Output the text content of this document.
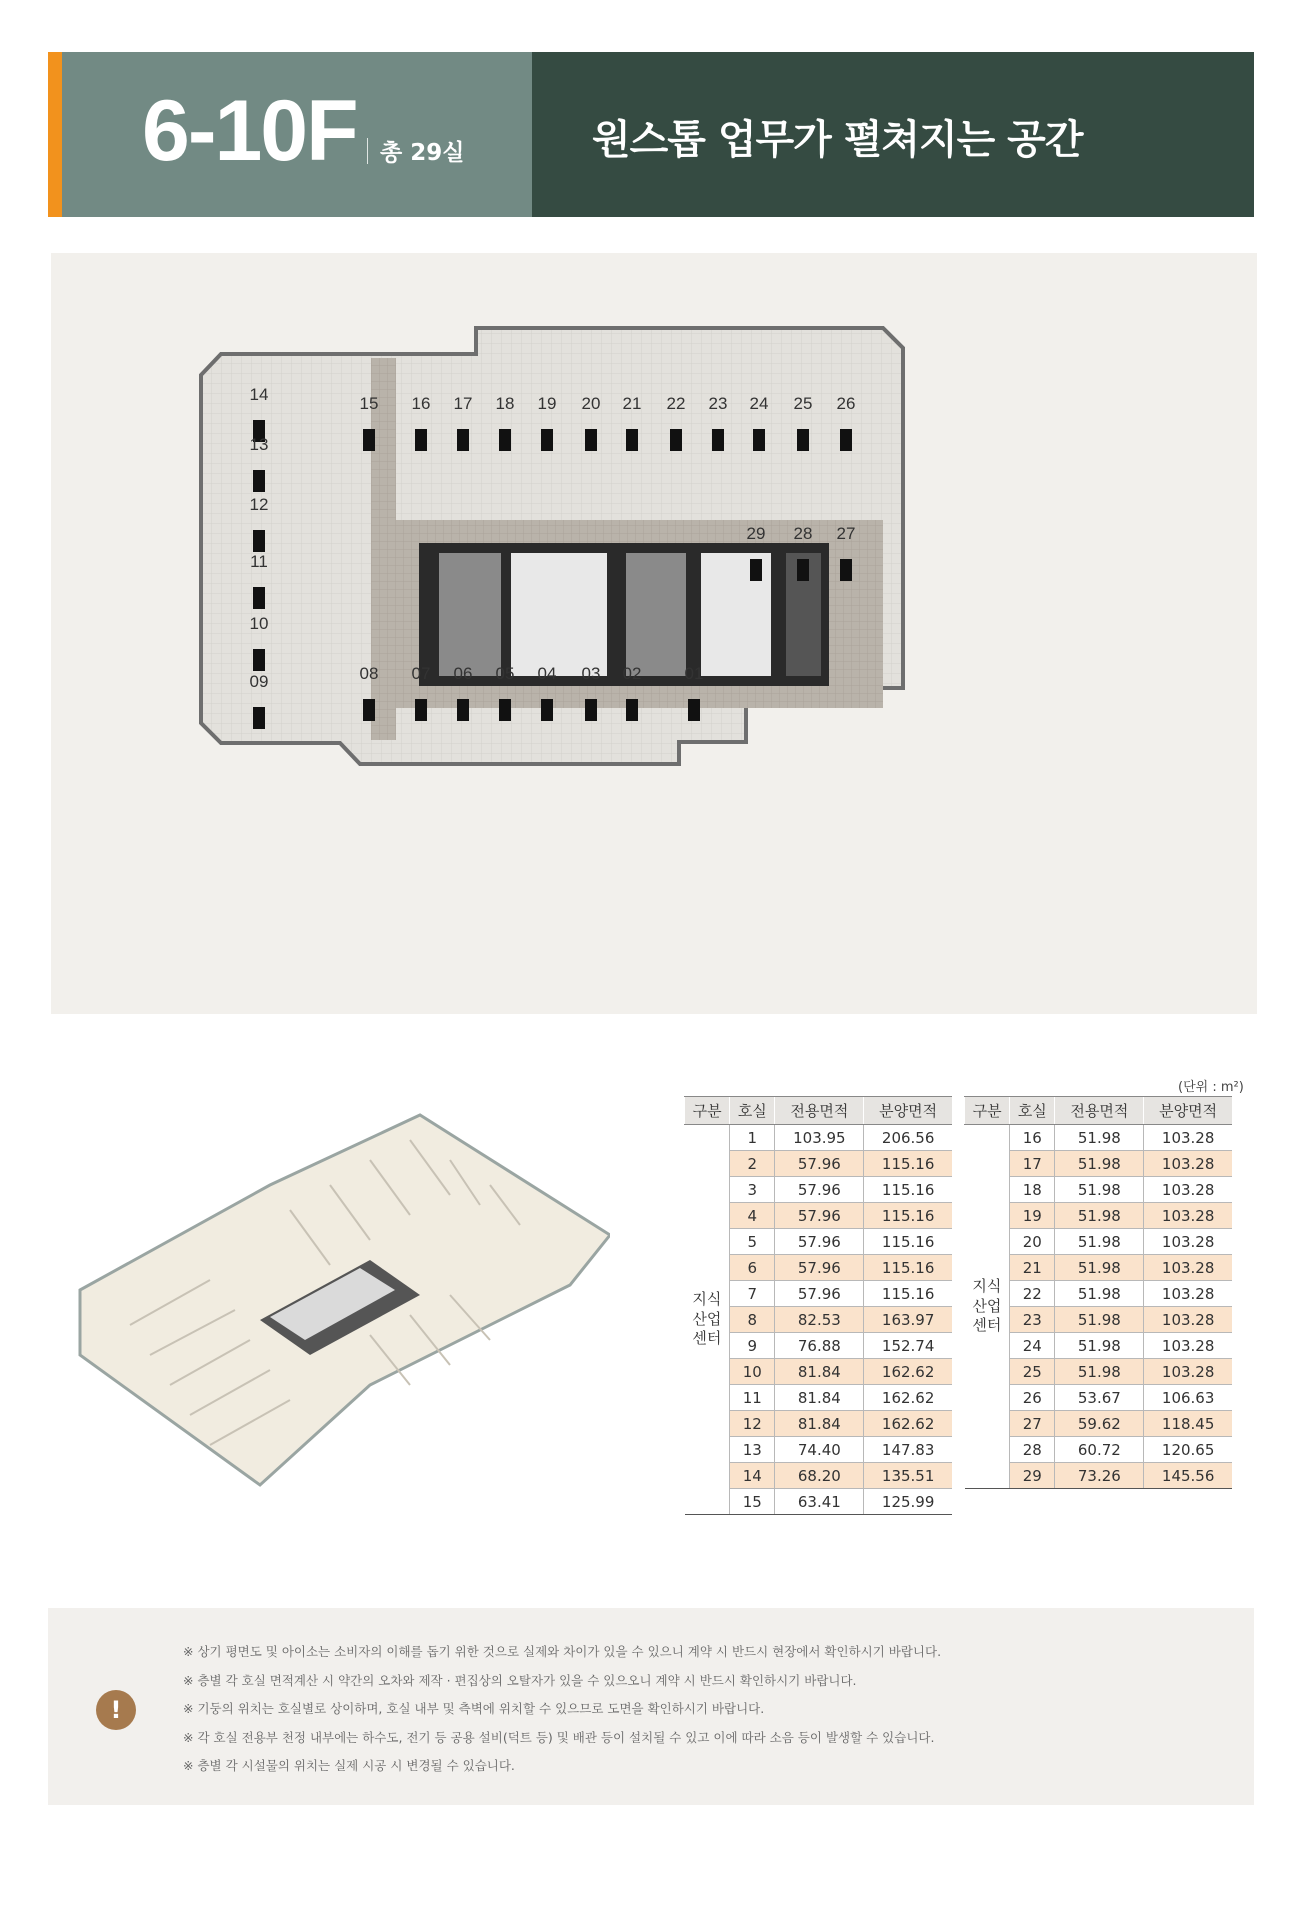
6-10F 총 29실	원스톱 업무가 펼쳐지는 공간
01
02
03
04
05
06
07
08
09
10
11
12
13
14	15 16 17 18 19 20 21 22 23 24 25 26
27
28
29
(단위 : m²)
구분	호실	전용면적	분양면적
지식
산업
센터	1	103.95	206.56
	2	57.96	115.16
	3	57.96	115.16
	4	57.96	115.16
	5	57.96	115.16
	6	57.96	115.16
	7	57.96	115.16
	8	82.53	163.97
	9	76.88	152.74
	10	81.84	162.62
	11	81.84	162.62
	12	81.84	162.62
	13	74.40	147.83
	14	68.20	135.51
	15	63.41	125.99
구분	호실	전용면적	분양면적
지식
산업
센터	16	51.98	103.28
	17	51.98	103.28
	18	51.98	103.28
	19	51.98	103.28
	20	51.98	103.28
	21	51.98	103.28
	22	51.98	103.28
	23	51.98	103.28
	24	51.98	103.28
	25	51.98	103.28
	26	53.67	106.63
	27	59.62	118.45
	28	60.72	120.65
	29	73.26	145.56
!
※ 상기 평면도 및 아이소는 소비자의 이해를 돕기 위한 것으로 실제와 차이가 있을 수 있으니 계약 시 반드시 현장에서 확인하시기 바랍니다.
※ 층별 각 호실 면적계산 시 약간의 오차와 제작 · 편집상의 오탈자가 있을 수 있으오니 계약 시 반드시 확인하시기 바랍니다.
※ 기둥의 위치는 호실별로 상이하며, 호실 내부 및 측벽에 위치할 수 있으므로 도면을 확인하시기 바랍니다.
※ 각 호실 전용부 천정 내부에는 하수도, 전기 등 공용 설비(덕트 등) 및 배관 등이 설치될 수 있고 이에 따라 소음 등이 발생할 수 있습니다.
※ 층별 각 시설물의 위치는 실제 시공 시 변경될 수 있습니다.
